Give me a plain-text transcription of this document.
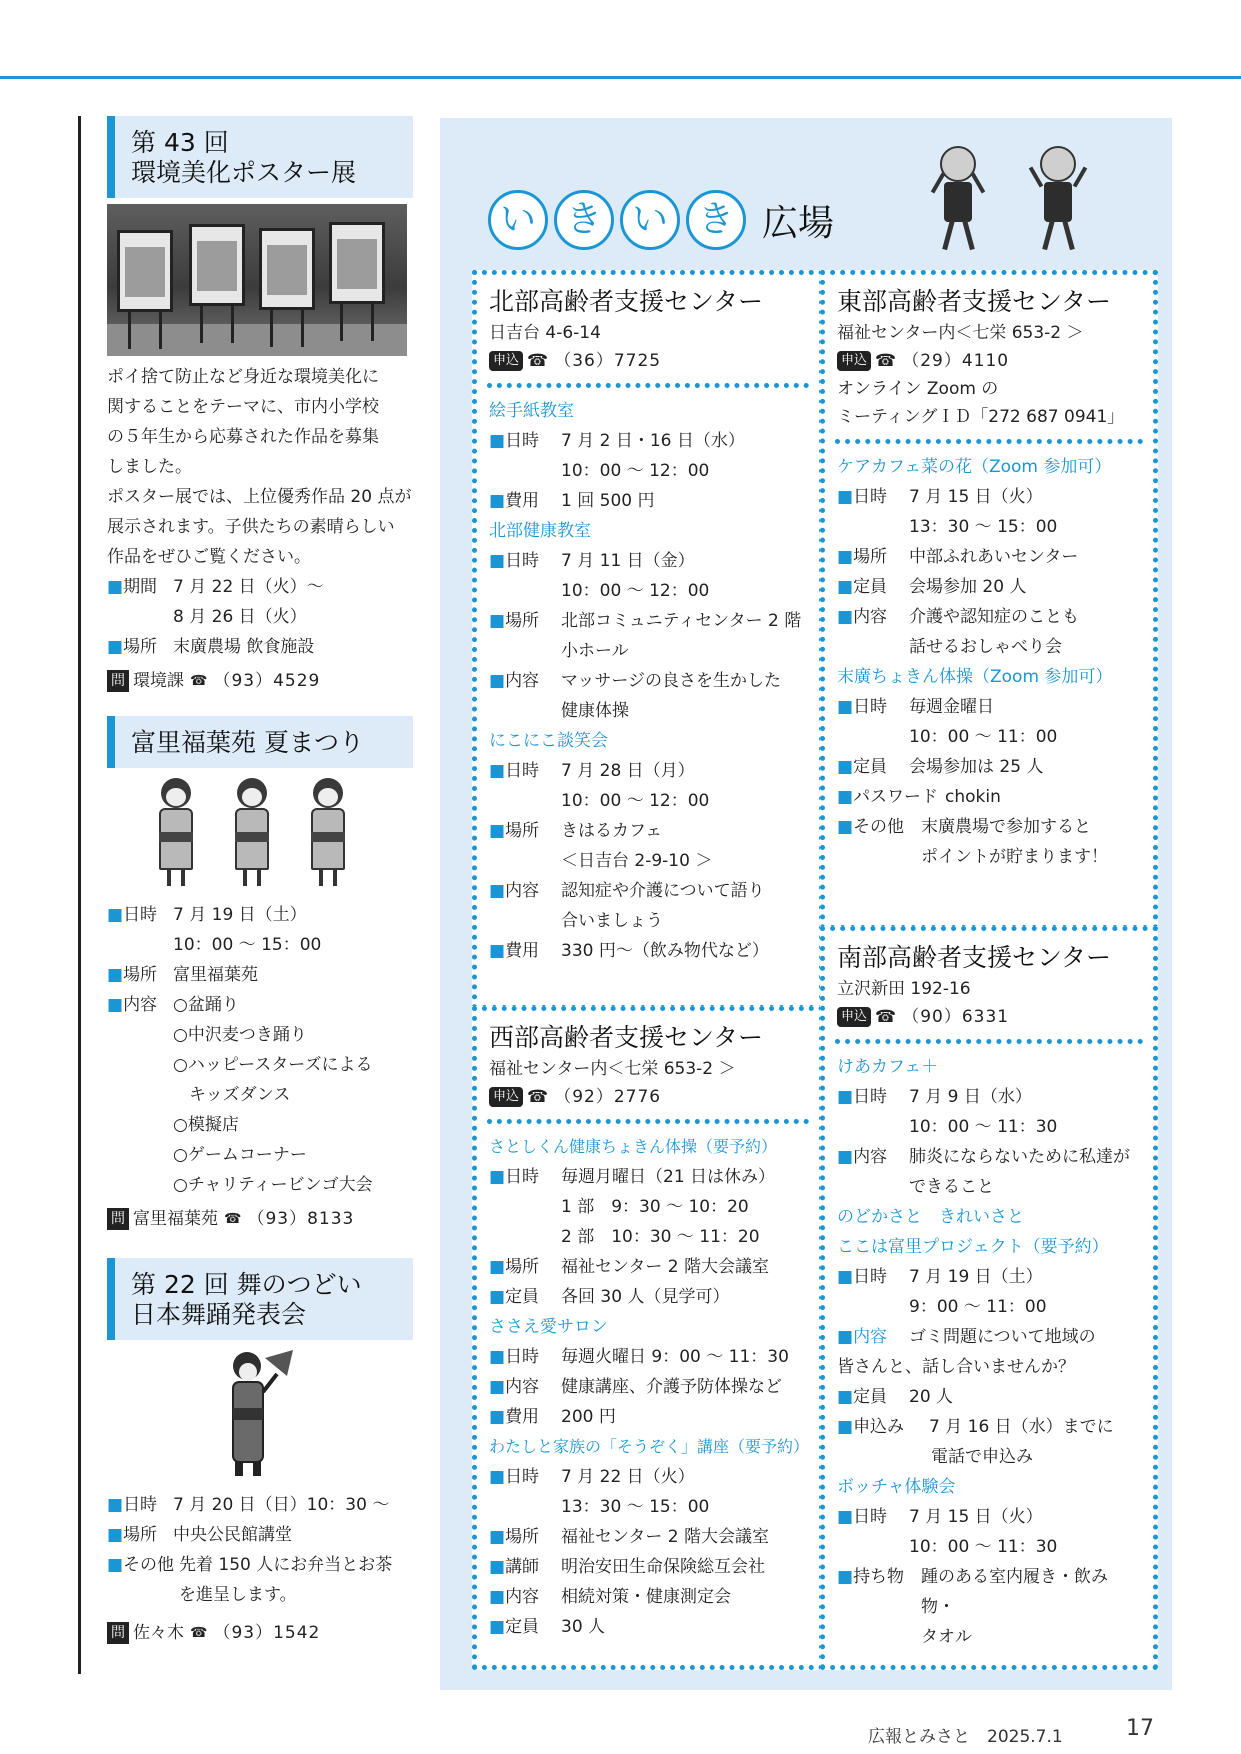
第 43 回
環境美化ポスター展
ポイ捨て防止など身近な環境美化に
関することをテーマに、市内小学校
の５年生から応募された作品を募集
しました。
ポスター展では、上位優秀作品 20 点が
展示されます。子供たちの素晴らしい
作品をぜひご覧ください。
■期間 7 月 22 日（火）～
8 月 26 日（火）
■場所 末廣農場 飲食施設
問 環境課 ☎ （93）4529
富里福葉苑 夏まつり
■日時 7 月 19 日（土）
10：00 ～ 15：00
■場所 富里福葉苑
■内容 ○盆踊り
○中沢麦つき踊り
○ハッピースターズによる
キッズダンス
○模擬店
○ゲームコーナー
○チャリティービンゴ大会
問 富里福葉苑 ☎ （93）8133
第 22 回 舞のつどい
日本舞踊発表会
■日時 7 月 20 日（日）10：30 ～
■場所 中央公民館講堂
■その他 先着 150 人にお弁当とお茶
を進呈します。
問 佐々木 ☎ （93）1542
い き い き 広場
北部高齢者支援センター
日吉台 4-6-14
申込 ☎ （36）7725
絵手紙教室
■日時	7 月 2 日・16 日（水）
10：00 ～ 12：00
■費用	1 回 500 円
北部健康教室
■日時	7 月 11 日（金）
10：00 ～ 12：00
■場所	北部コミュニティセンター 2 階
小ホール
■内容	マッサージの良さを生かした
健康体操
にこにこ談笑会
■日時	7 月 28 日（月）
10：00 ～ 12：00
■場所	きはるカフェ
＜日吉台 2-9-10 ＞
■内容	認知症や介護について語り
合いましょう
■費用	330 円～（飲み物代など）
東部高齢者支援センター
福祉センター内＜七栄 653-2 ＞
申込 ☎ （29）4110
オンライン Zoom の
ミーティングＩＤ「272 687 0941」
ケアカフェ菜の花（Zoom 参加可）
■日時	7 月 15 日（火）
13：30 ～ 15：00
■場所	中部ふれあいセンター
■定員	会場参加 20 人
■内容	介護や認知症のことも
話せるおしゃべり会
末廣ちょきん体操（Zoom 参加可）
■日時	毎週金曜日
10：00 ～ 11：00
■定員	会場参加は 25 人
■パスワード chokin
■その他 末廣農場で参加すると
ポイントが貯まります！
西部高齢者支援センター
福祉センター内＜七栄 653-2 ＞
申込 ☎ （92）2776
さとしくん健康ちょきん体操（要予約）
■日時	毎週月曜日（21 日は休み）
1 部　9：30 ～ 10：20
2 部　10：30 ～ 11：20
■場所	福祉センター 2 階大会議室
■定員	各回 30 人（見学可）
ささえ愛サロン
■日時	毎週火曜日 9：00 ～ 11：30
■内容	健康講座、介護予防体操など
■費用	200 円
わたしと家族の「そうぞく」講座（要予約）
■日時	7 月 22 日（火）
13：30 ～ 15：00
■場所	福祉センター 2 階大会議室
■講師	明治安田生命保険総互会社
■内容	相続対策・健康測定会
■定員	30 人
南部高齢者支援センター
立沢新田 192-16
申込 ☎ （90）6331
けあカフェ＋
■日時	7 月 9 日（水）
10：00 ～ 11：30
■内容	肺炎にならないために私達が
できること
のどかさと　きれいさと
ここは富里プロジェクト（要予約）
■日時	7 月 19 日（土）
9：00 ～ 11：00
■内容	ゴミ問題について地域の
皆さんと、話し合いませんか？
■定員	20 人
■申込み	7 月 16 日（水）までに
電話で申込み
ボッチャ体験会
■日時	7 月 15 日（火）
10：00 ～ 11：30
■持ち物 踵のある室内履き・飲み物・
タオル
広報とみさと　2025.7.1	17
